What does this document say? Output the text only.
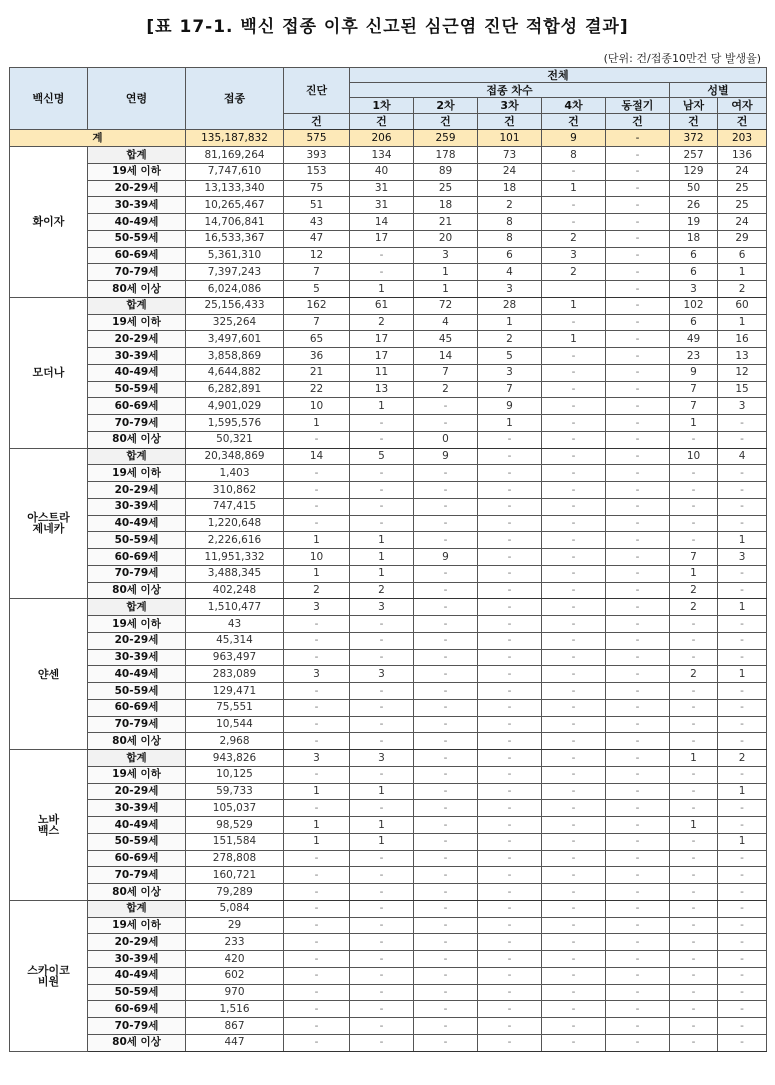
[표 17-1. 백신 접종 이후 신고된 심근염 진단 적합성 결과]
(단위: 건/접종10만건 당 발생율)
백신명	연령	접종	진단	전체						
				접종 차수					성별	
				1차	2차	3차	4차	동절기	남자	여자
			건	건	건	건	건	건	건	건
계		135,187,832	575	206	259	101	9	-	372	203
화이자	합계	81,169,264	393	134	178	73	8	-	257	136
	19세 이하	7,747,610	153	40	89	24	-	-	129	24
	20-29세	13,133,340	75	31	25	18	1	-	50	25
	30-39세	10,265,467	51	31	18	2	-	-	26	25
	40-49세	14,706,841	43	14	21	8	-	-	19	24
	50-59세	16,533,367	47	17	20	8	2	-	18	29
	60-69세	5,361,310	12	-	3	6	3	-	6	6
	70-79세	7,397,243	7	-	1	4	2	-	6	1
	80세 이상	6,024,086	5	1	1	3		-	3	2
모더나	합계	25,156,433	162	61	72	28	1	-	102	60
	19세 이하	325,264	7	2	4	1	-	-	6	1
	20-29세	3,497,601	65	17	45	2	1	-	49	16
	30-39세	3,858,869	36	17	14	5	-	-	23	13
	40-49세	4,644,882	21	11	7	3	-	-	9	12
	50-59세	6,282,891	22	13	2	7	-	-	7	15
	60-69세	4,901,029	10	1	-	9	-	-	7	3
	70-79세	1,595,576	1	-	-	1	-	-	1	-
	80세 이상	50,321	-	-	0	-	-	-	-	-
아스트라
제네카	합계	20,348,869	14	5	9	-	-	-	10	4
	19세 이하	1,403	-	-	-	-	-	-	-	-
	20-29세	310,862	-	-	-	-	-	-	-	-
	30-39세	747,415	-	-	-	-	-	-	-	-
	40-49세	1,220,648	-	-	-	-	-	-	-	-
	50-59세	2,226,616	1	1	-	-	-	-	-	1
	60-69세	11,951,332	10	1	9	-	-	-	7	3
	70-79세	3,488,345	1	1	-	-	-	-	1	-
	80세 이상	402,248	2	2	-	-	-	-	2	-
얀센	합계	1,510,477	3	3	-	-	-	-	2	1
	19세 이하	43	-	-	-	-	-	-	-	-
	20-29세	45,314	-	-	-	-	-	-	-	-
	30-39세	963,497	-	-	-	-	-	-	-	-
	40-49세	283,089	3	3	-	-	-	-	2	1
	50-59세	129,471	-	-	-	-	-	-	-	-
	60-69세	75,551	-	-	-	-	-	-	-	-
	70-79세	10,544	-	-	-	-	-	-	-	-
	80세 이상	2,968	-	-	-	-	-	-	-	-
노바
백스	합계	943,826	3	3	-	-	-	-	1	2
	19세 이하	10,125	-	-	-	-	-	-	-	-
	20-29세	59,733	1	1	-	-	-	-	-	1
	30-39세	105,037	-	-	-	-	-	-	-	-
	40-49세	98,529	1	1	-	-	-	-	1	-
	50-59세	151,584	1	1	-	-	-	-	-	1
	60-69세	278,808	-	-	-	-	-	-	-	-
	70-79세	160,721	-	-	-	-	-	-	-	-
	80세 이상	79,289	-	-	-	-	-	-	-	-
스카이코
비원	합계	5,084	-	-	-	-	-	-	-	-
	19세 이하	29	-	-	-	-	-	-	-	-
	20-29세	233	-	-	-	-	-	-	-	-
	30-39세	420	-	-	-	-	-	-	-	-
	40-49세	602	-	-	-	-	-	-	-	-
	50-59세	970	-	-	-	-	-	-	-	-
	60-69세	1,516	-	-	-	-	-	-	-	-
	70-79세	867	-	-	-	-	-	-	-	-
	80세 이상	447	-	-	-	-	-	-	-	-
